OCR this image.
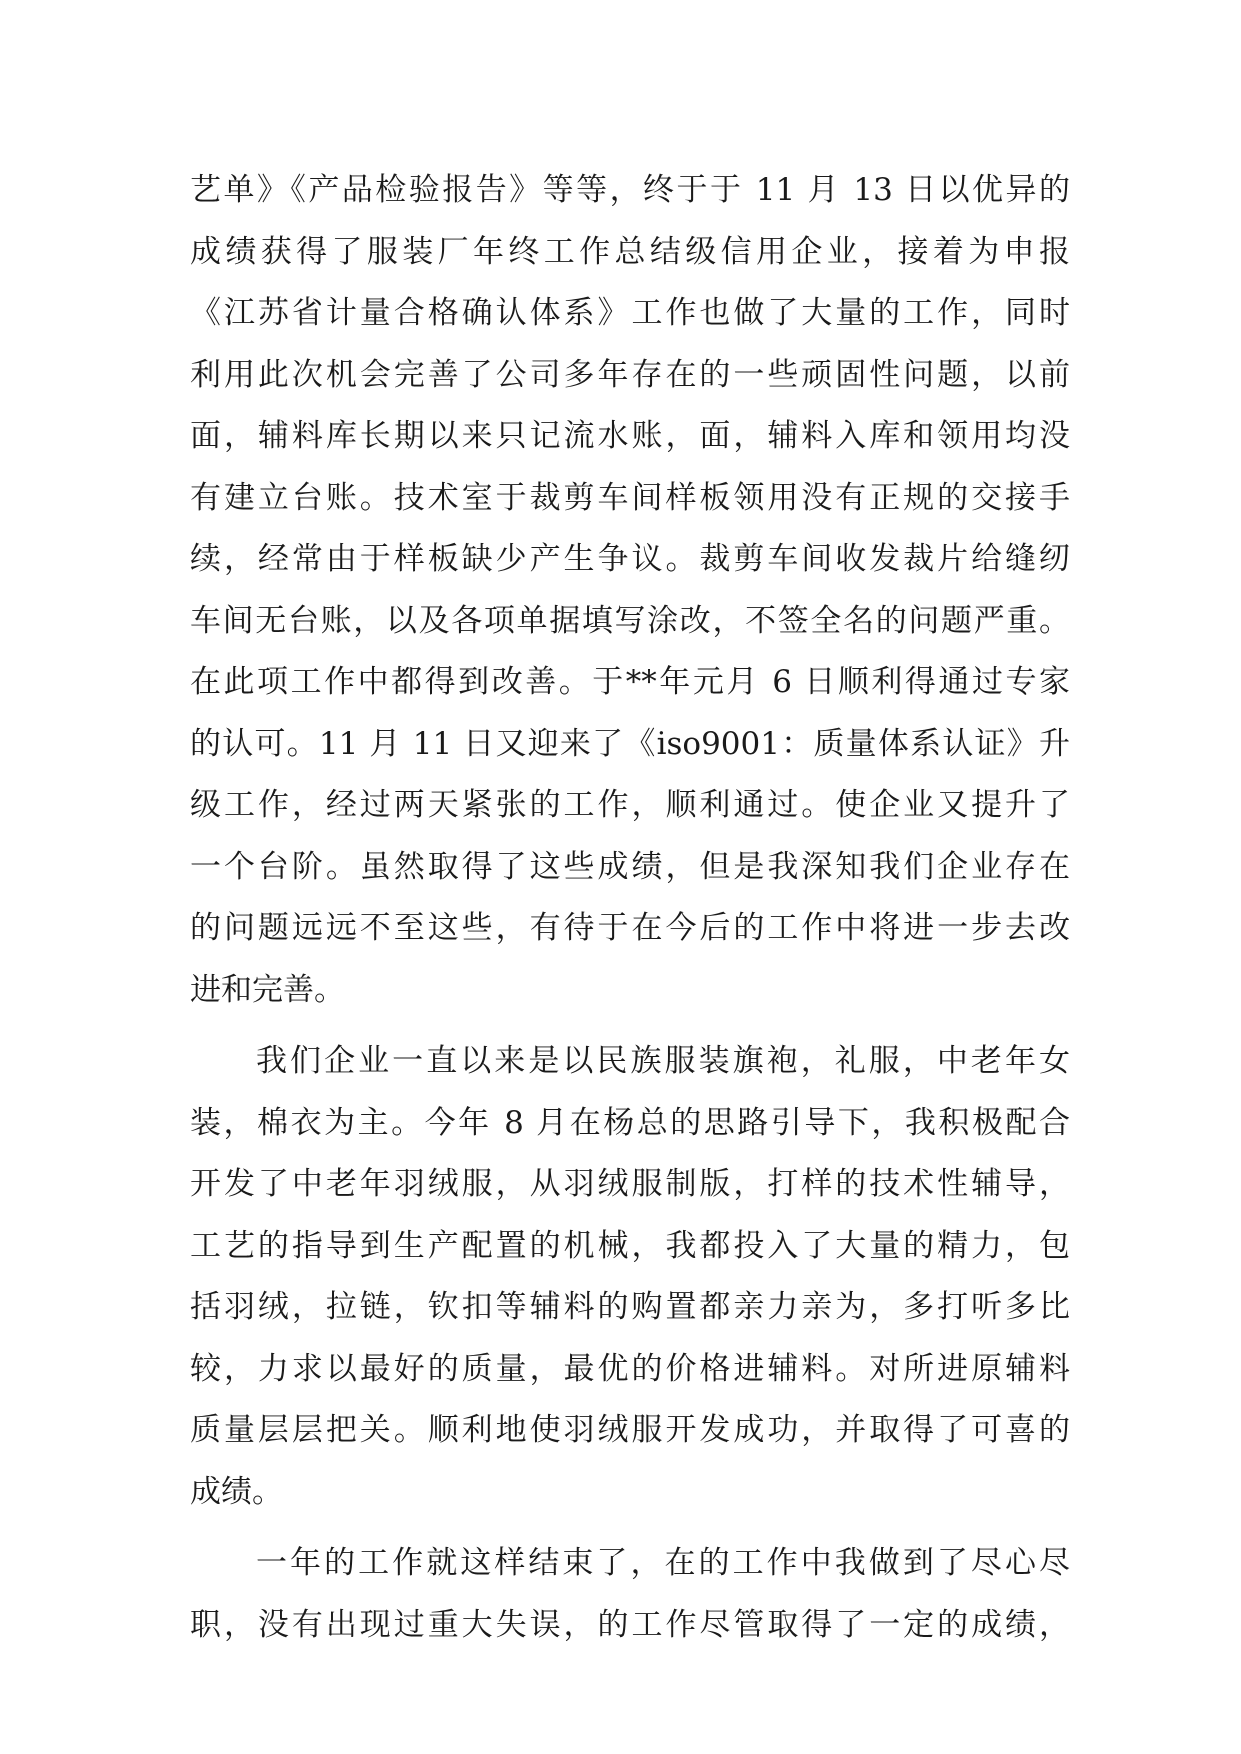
艺单》《产品检验报告》等等，终于于 11 月 13 日以优异的
成绩获得了服装厂年终工作总结级信用企业，接着为申报
《江苏省计量合格确认体系》工作也做了大量的工作，同时
利用此次机会完善了公司多年存在的一些顽固性问题，以前
面，辅料库长期以来只记流水账，面，辅料入库和领用均没
有建立台账。技术室于裁剪车间样板领用没有正规的交接手
续，经常由于样板缺少产生争议。裁剪车间收发裁片给缝纫
车间无台账，以及各项单据填写涂改，不签全名的问题严重。
在此项工作中都得到改善。于**年元月 6 日顺利得通过专家
的认可。11 月 11 日又迎来了《iso9001：质量体系认证》升
级工作，经过两天紧张的工作，顺利通过。使企业又提升了
一个台阶。虽然取得了这些成绩，但是我深知我们企业存在
的问题远远不至这些，有待于在今后的工作中将进一步去改
进和完善。
我们企业一直以来是以民族服装旗袍，礼服，中老年女
装，棉衣为主。今年 8 月在杨总的思路引导下，我积极配合
开发了中老年羽绒服，从羽绒服制版，打样的技术性辅导，
工艺的指导到生产配置的机械，我都投入了大量的精力，包
括羽绒，拉链，钦扣等辅料的购置都亲力亲为，多打听多比
较，力求以最好的质量，最优的价格进辅料。对所进原辅料
质量层层把关。顺利地使羽绒服开发成功，并取得了可喜的
成绩。
一年的工作就这样结束了，在的工作中我做到了尽心尽
职，没有出现过重大失误，的工作尽管取得了一定的成绩，
